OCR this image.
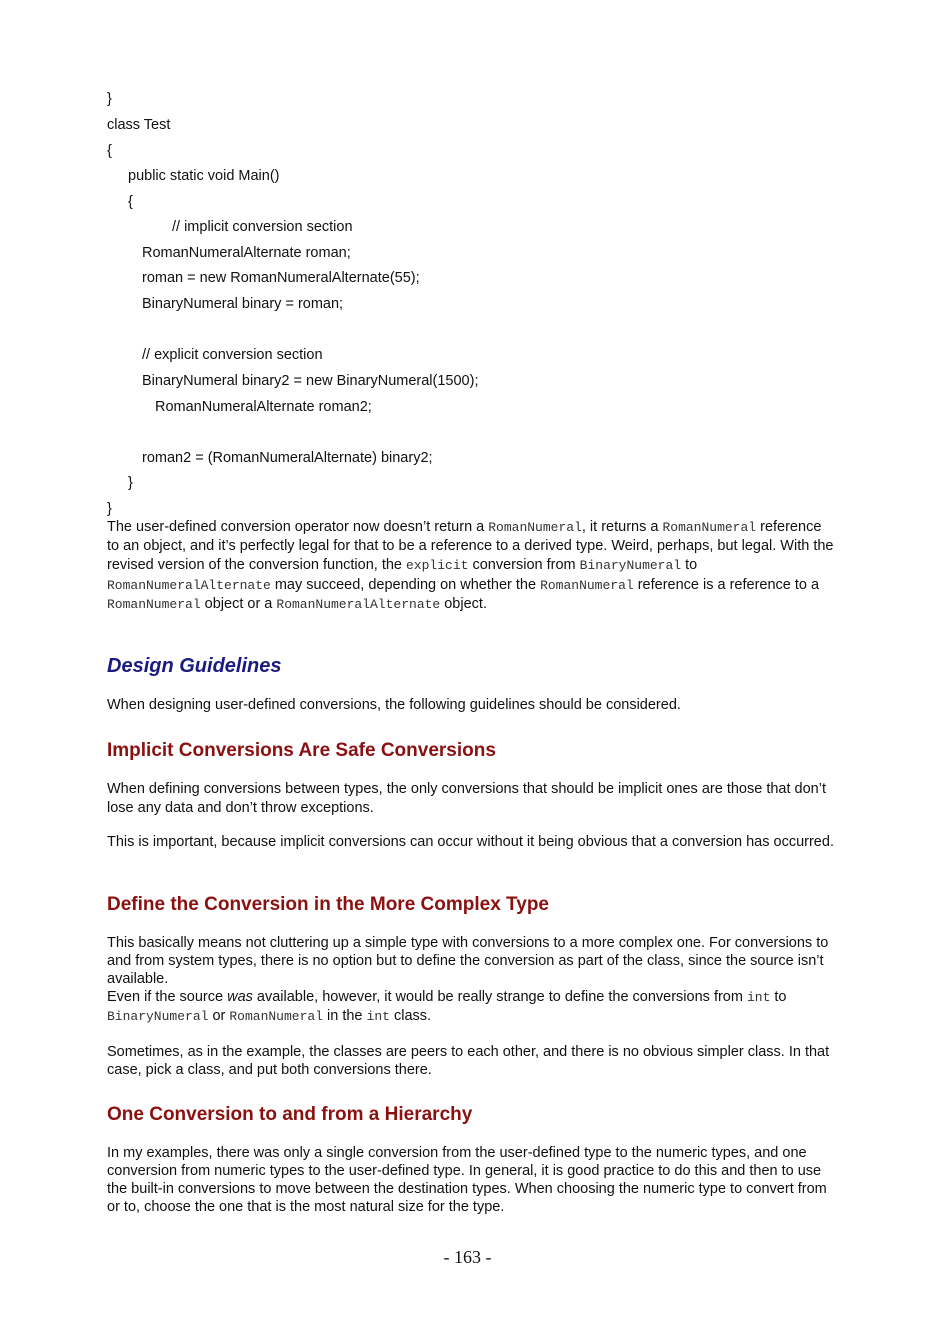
}
class Test
{
public static void Main()
{
// implicit conversion section
RomanNumeralAlternate roman;
roman = new RomanNumeralAlternate(55);
BinaryNumeral binary = roman;
// explicit conversion section
BinaryNumeral binary2 = new BinaryNumeral(1500);
RomanNumeralAlternate roman2;
roman2 = (RomanNumeralAlternate) binary2;
}
}
The user-defined conversion operator now doesn’t return a RomanNumeral, it returns a RomanNumeral reference to an object, and it’s perfectly legal for that to be a reference to a derived type. Weird, perhaps, but legal. With the revised version of the conversion function, the explicit conversion from BinaryNumeral to RomanNumeralAlternate may succeed, depending on whether the RomanNumeral reference is a reference to a RomanNumeral object or a RomanNumeralAlternate object.
Design Guidelines
When designing user-defined conversions, the following guidelines should be considered.
Implicit Conversions Are Safe Conversions
When defining conversions between types, the only conversions that should be implicit ones are those that don’t lose any data and don’t throw exceptions.
This is important, because implicit conversions can occur without it being obvious that a conversion has occurred.
Define the Conversion in the More Complex Type
This basically means not cluttering up a simple type with conversions to a more complex one. For conversions to and from system types, there is no option but to define the conversion as part of the class, since the source isn’t available.
Even if the source was available, however, it would be really strange to define the conversions from int to BinaryNumeral or RomanNumeral in the int class.
Sometimes, as in the example, the classes are peers to each other, and there is no obvious simpler class. In that case, pick a class, and put both conversions there.
One Conversion to and from a Hierarchy
In my examples, there was only a single conversion from the user-defined type to the numeric types, and one conversion from numeric types to the user-defined type. In general, it is good practice to do this and then to use the built-in conversions to move between the destination types. When choosing the numeric type to convert from or to, choose the one that is the most natural size for the type.
- 163 -
